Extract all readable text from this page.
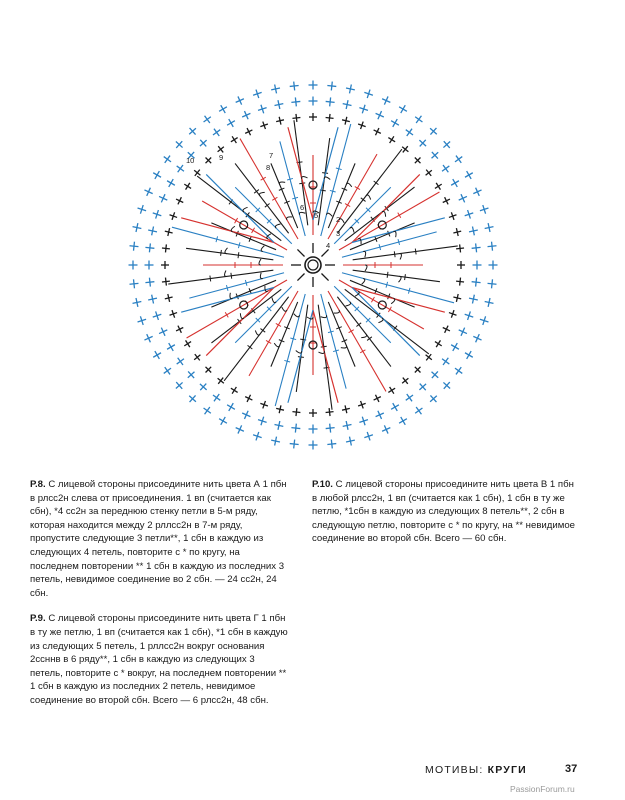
2
3
4
5
6
7
8
9
10

Р.8. С лицевой стороны присоедините нить цвета А 1 пбн в рлсс2н слева от присоединения. 1 вп (считается как сбн), *4 сс2н за переднюю стенку петли в 5-м ряду, которая находится между 2 рллсс2н в 7-м ряду, пропустите следующие 3 петли**, 1 сбн в каждую из следующих 4 петель, повторите с * по кругу, на последнем повторении ** 1 сбн в каждую из последних 3 петель, невидимое соединение во 2 сбн. — 24 сс2н, 24 сбн.

Р.9. С лицевой стороны присоедините нить цвета Г 1 пбн в ту же петлю, 1 вп (считается как 1 сбн), *1 сбн в каждую из следующих 5 петель, 1 рллсс2н вокруг основания 2ссннв в 6 ряду**, 1 сбн в каждую из следующих 3 петель, повторите с * вокруг, на последнем повторении ** 1 сбн в каждую из последних 2 петель, невидимое соединение во второй сбн. Всего — 6 рлсс2н, 48 сбн.

Р.10. С лицевой стороны присоедините нить цвета В 1 пбн в любой рлсс2н, 1 вп (считается как 1 сбн), 1 сбн в ту же петлю, *1сбн в каждую из следующих 8 петель**, 2 сбн в следующую петлю, повторите с * по кругу, на ** невидимое соединение во второй сбн. Всего — 60 сбн.

МОТИВЫ: КРУГИ	37
PassionForum.ru
